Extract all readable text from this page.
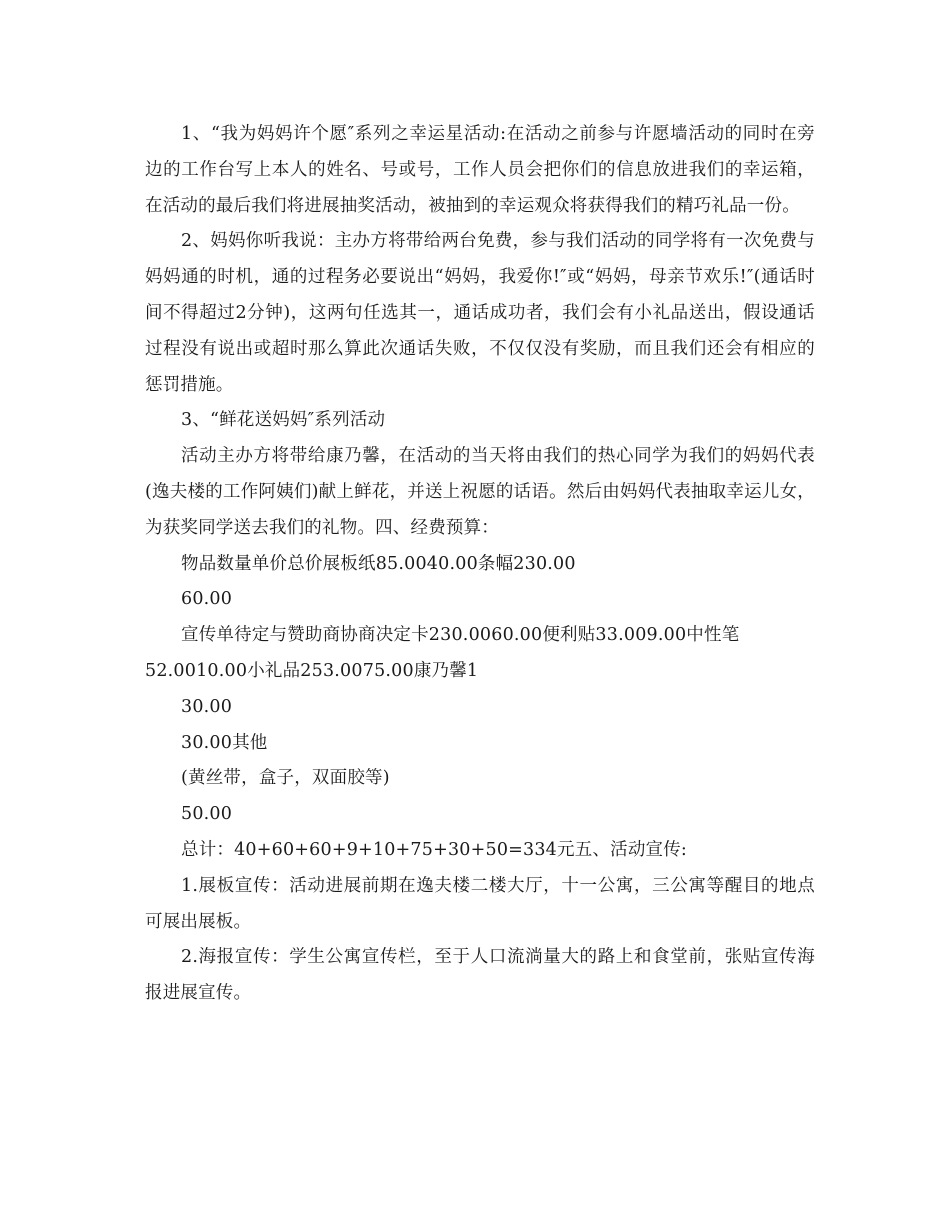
1、“我为妈妈许个愿″系列之幸运星活动:在活动之前参与许愿墙活动的同时在旁边的工作台写上本人的姓名、号或号，工作人员会把你们的信息放进我们的幸运箱，在活动的最后我们将进展抽奖活动，被抽到的幸运观众将获得我们的精巧礼品一份。

2、妈妈你听我说：主办方将带给两台免费，参与我们活动的同学将有一次免费与妈妈通的时机，通的过程务必要说出“妈妈，我爱你!″或“妈妈，母亲节欢乐!″(通话时间不得超过2分钟)，这两句任选其一，通话成功者，我们会有小礼品送出，假设通话过程没有说出或超时那么算此次通话失败，不仅仅没有奖励，而且我们还会有相应的惩罚措施。

3、“鲜花送妈妈″系列活动

活动主办方将带给康乃馨，在活动的当天将由我们的热心同学为我们的妈妈代表(逸夫楼的工作阿姨们)献上鲜花，并送上祝愿的话语。然后由妈妈代表抽取幸运儿女，为获奖同学送去我们的礼物。四、经费预算：

物品数量单价总价展板纸85.0040.00条幅230.00

60.00

宣传单待定与赞助商协商决定卡230.0060.00便利贴33.009.00中性笔

52.0010.00小礼品253.0075.00康乃馨1

30.00

30.00其他

(黄丝带，盒子，双面胶等)

50.00

总计：40+60+60+9+10+75+30+50=334元五、活动宣传:

1.展板宣传：活动进展前期在逸夫楼二楼大厅，十一公寓，三公寓等醒目的地点可展出展板。

2.海报宣传：学生公寓宣传栏，至于人口流淌量大的路上和食堂前，张贴宣传海报进展宣传。
